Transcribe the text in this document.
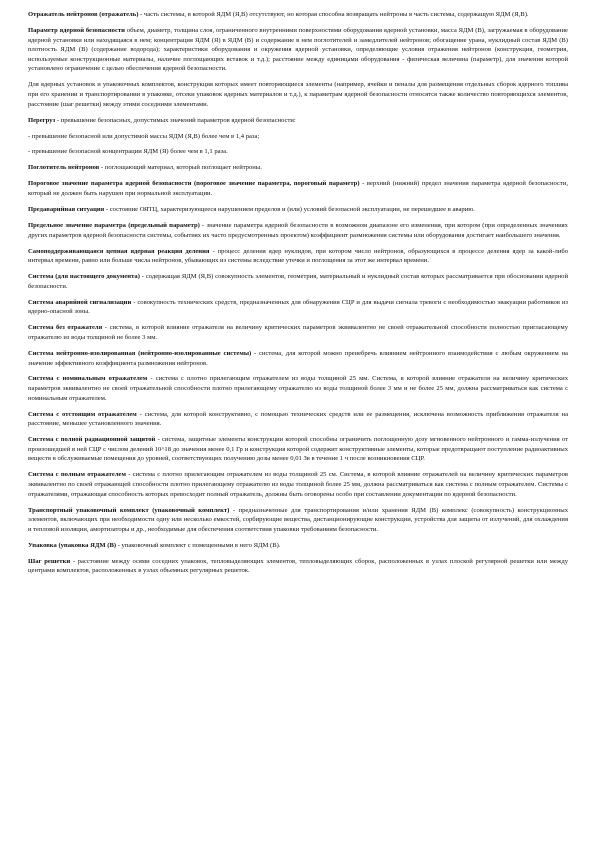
Отражатель нейтронов (отражатель) - часть системы, в которой ЯДМ (Я,В) отсутствуют, но которая способна возвращать нейтроны в часть системы, содержащую ЯДМ (Я,В).

Параметр ядерной безопасности объем, диаметр, толщина слоя, ограниченного внутренними поверхностями оборудования ядерной установки, масса ЯДМ (В), загружаемая в оборудование ядерной установки или находящаяся в нем; концентрация ЯДМ (Я) в ЯДМ (В) и содержание в нем поглотителей и замедлителей нейтронов; обогащение урана, нуклидный состав ЯДМ (В) плотность ЯДМ (В) (содержание водорода); характеристики оборудования и окружения ядерной установки, определяющие условия отражения нейтронов (конструкция, геометрия, используемые конструкционные материалы, наличие поглощающих вставок и т.д.); расстояние между единицами оборудования - физическая величина (параметр), для значения которой установлено ограничение с целью обеспечения ядерной безопасности.

Для ядерных установок и упаковочных комплектов, конструкция которых имеет повторяющиеся элементы (например, ячейки и пеналы для размещения отдельных сборок ядерного топлива при его хранении и транспортировании в упаковке, отсеки упаковок ядерных материалов и т.д.), к параметрам ядерной безопасности относятся также количество повторяющихся элементов, расстояние (шаг решетки) между этими соседними элементами.

Перегруз - превышение безопасных, допустимых значений параметров ядерной безопасности:

- превышение безопасной или допустимой массы ЯДМ (Я,В) более чем в 1,4 раза;

- превышение безопасной концентрации ЯДМ (Я) более чем в 1,1 раза.

Поглотитель нейтронов - поглощающий материал, который поглощает нейтроны.

Пороговое значение параметра ядерной безопасности (пороговое значение параметра, пороговый параметр) - верхний (нижний) предел значения параметра ядерной безопасности, который не должен быть нарушен при нормальной эксплуатации.

Предаварийная ситуация - состояние ОЯТЦ, характеризующееся нарушением пределов и (или) условий безопасной эксплуатации, не перешедшее в аварию.

Предельное значение параметра (предельный параметр) - значение параметра ядерной безопасности в возможном диапазоне его изменения, при котором (при определенных значениях других параметров ядерной безопасности системы, событиях их часто предусмотренных проектом) коэффициент размножения системы или оборудования достигает наибольшего значения.

Самоподдерживающаяся цепная ядерная реакция деления - процесс деления ядер нуклидов, при котором число нейтронов, образующихся в процессе деления ядер за какой-либо интервал времени, равно или больше числа нейтронов, убывающих из системы вследствие утечки и поглощения за этот же интервал времени.

Система (для настоящего документа) - содержащая ЯДМ (Я,В) совокупность элементов, геометрия, материальный и нуклидный состав которых рассматривается при обосновании ядерной безопасности.

Система аварийной сигнализации - совокупность технических средств, предназначенных для обнаружения СЦР и для выдачи сигнала тревоги с необходимостью эвакуации работников из ядерно-опасной зоны.

Система без отражателя - система, в которой влияние отражателя на величину критических параметров эквивалентно не своей отражательной способности полностью пригласающему отражателю из воды толщиной не более 3 мм.

Система нейтронно-изолированная (нейтронно-изолированные системы) - система, для которой можно пренебречь влиянием нейтронного взаимодействия с любым окружением на значение эффективного коэффициента размножения нейтронов.

Система с номинальным отражателем - система с плотно прилегающим отражателем из воды толщиной 25 мм. Система, в которой влияние отражателя на величину критических параметров эквивалентно не своей отражательной способности плотно прилегающему отражателю из воды толщиной более 3 мм и не более 25 мм, должна рассматриваться как система с номинальным отражателем.

Система с отстоящим отражателем - система, для которой конструктивно, с помощью технических средств или ее размещения, исключена возможность приближения отражателя на расстояние, меньшее установленного значения.

Система с полной радиационной защитой - система, защитные элементы конструкции которой способны ограничить поглощенную дозу мгновенного нейтронного и гамма-излучения от произошедшей в ней СЦР с числом делений 10^18 до значения менее 0,1 Гр и конструкция которой содержит конструктивные элементы, которые предотвращают поступление радиоактивных веществ в обслуживаемые помещения до уровней, соответствующих получению дозы менее 0,01 Зв в течение 1 ч после возникновения СЦР.

Система с полным отражателем - система с плотно прилегающим отражателем из воды толщиной 25 см. Система, в которой влияние отражателей на величину критических параметров эквивалентно по своей отражающей способности плотно прилегающему отражателю из воды толщиной более 25 мм, должна рассматриваться как система с полным отражателем. Системы с отражателями, отражающая способность которых превосходит полный отражатель, должны быть оговорены особо при составлении документации по ядерной безопасности.

Транспортный упаковочный комплект (упаковочный комплект) - предназначенные для транспортирования и/или хранения ЯДМ (В) комплекс (совокупность) конструкционных элементов, включающих при необходимости одну или несколько емкостей, сорбирующие вещества, дистанционирующие конструкции, устройства для защиты от излучений, для охлаждения и тепловой изоляции, амортизаторы и др., необходимые для обеспечения соответствия упаковки требованиям безопасности.

Упаковка (упаковка ЯДМ (В) - упаковочный комплект с помещенными в него ЯДМ (В).

Шаг решетки - расстояние между осями соседних упаковок, тепловыделяющих элементов, тепловыделяющих сборок, расположенных в узлах плоской регулярной решетки или между центрами комплектов, расположенных в узлах объемных регулярных решеток.
